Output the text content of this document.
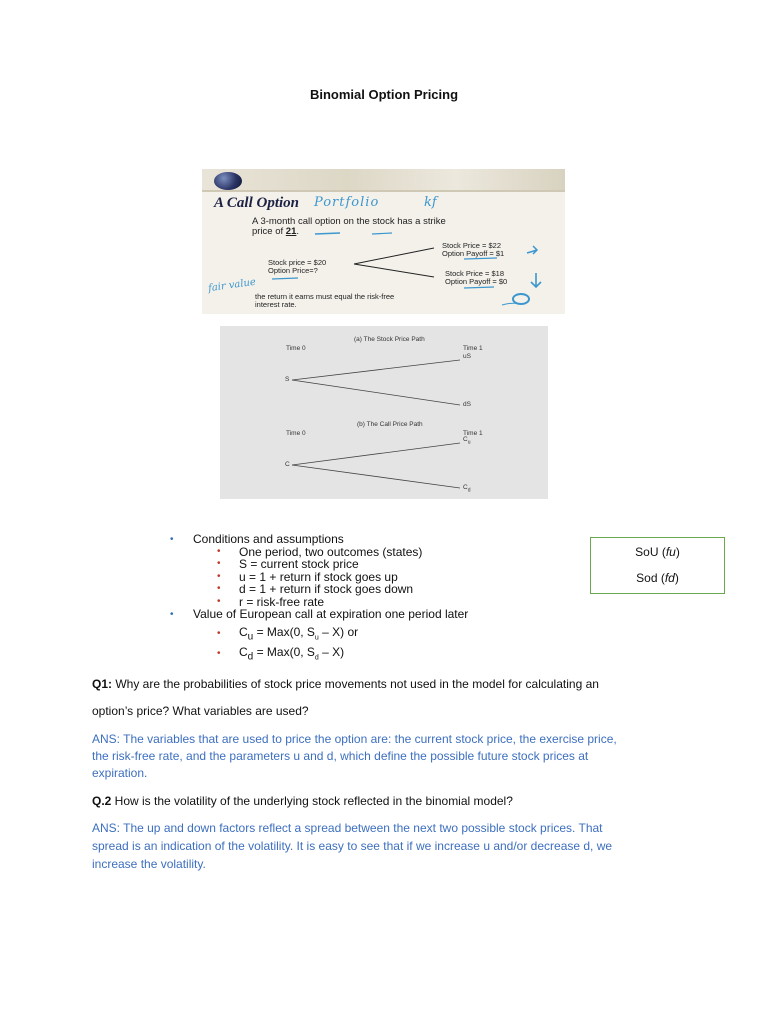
Binomial Option Pricing
A Call Option Portfolio	kf
A 3-month call option on the stock has a strike
price of 21.
Stock price = $20
Option Price=?
Stock Price = $22
Option Payoff = $1
Stock Price = $18
Option Payoff = $0
fair value
the return it earns must equal the risk-free
interest rate.
(a) The Stock Price Path
Time 0	Time 1
S
uS
dS
(b) The Call Price Path
Time 0	Time 1
C
$C_u$
$C_d$
• Conditions and assumptions
• One period, two outcomes (states)
• S = current stock price
• u = 1 + return if stock goes up
• d = 1 + return if stock goes down
• r = risk-free rate
• Value of European call at expiration one period later
• $C_u = Max(0$, $S_u - X$) or
• $C_d = Max(0$, $S_d - X$)
SoU (fu)
Sod (fd)
Q1: Why are the probabilities of stock price movements not used in the model for calculating an
option’s price? What variables are used?
ANS: The variables that are used to price the option are: the current stock price, the exercise price,
the risk-free rate, and the parameters u and d, which define the possible future stock prices at
expiration.
Q.2 How is the volatility of the underlying stock reflected in the binomial model?
ANS: The up and down factors reflect a spread between the next two possible stock prices. That
spread is an indication of the volatility. It is easy to see that if we increase u and/or decrease d, we
increase the volatility.
